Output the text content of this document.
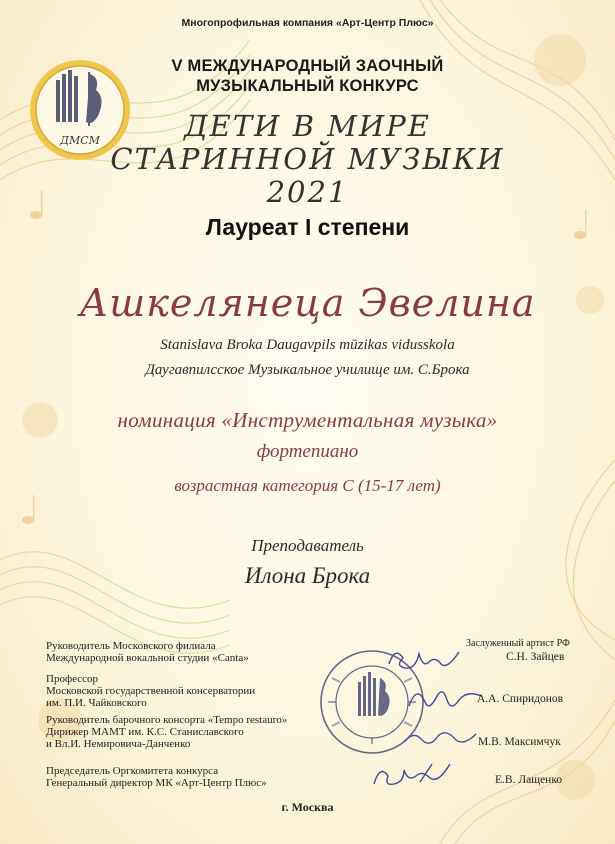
ДМСМ
Многопрофильная компания «Арт-Центр Плюс»
V МЕЖДУНАРОДНЫЙ ЗАОЧНЫЙ
МУЗЫКАЛЬНЫЙ КОНКУРС
ДЕТИ В МИРЕ
СТАРИННОЙ МУЗЫКИ
2021
Лауреат I степени
Ашкелянеца Эвелина
Stanislava Broka Daugavpils mūzikas vidusskola
Даугавпилсское Музыкальное училище им. С.Брока
номинация «Инструментальная музыка»
фортепиано
возрастная категория С (15-17 лет)
Преподаватель
Илона Брока
Руководитель Московского филиала
Международной вокальной студии «Canta»
Профессор
Московской государственной консерватории
им. П.И. Чайковского
Руководитель барочного консорта «Tempo restauro»
Дирижер МАМТ им. К.С. Станиславского
и Вл.И. Немировича-Данченко
Председатель Оргкомитета конкурса
Генеральный директор МК «Арт-Центр Плюс»
Заслуженный артист РФ
С.Н. Зайцев
А.А. Спиридонов
М.В. Максимчук
Е.В. Лащенко
г. Москва
